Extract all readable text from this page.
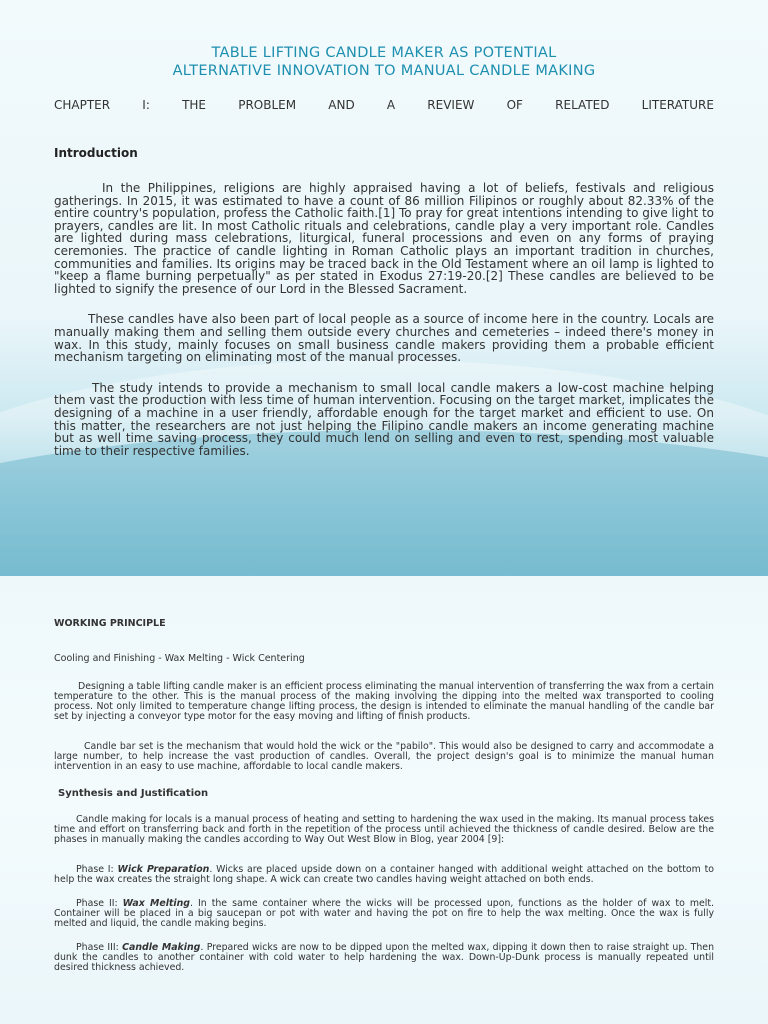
TABLE LIFTING CANDLE MAKER AS POTENTIAL
ALTERNATIVE INNOVATION TO MANUAL CANDLE MAKING
CHAPTER	I:	THE	PROBLEM	AND	A	REVIEW	OF	RELATED	LITERATURE
Introduction

In the Philippines, religions are highly appraised having a lot of beliefs, festivals and religious gatherings. In 2015, it was estimated to have a count of 86 million Filipinos or roughly about 82.33% of the entire country's population, profess the Catholic faith.[1] To pray for great intentions intending to give light to prayers, candles are lit. In most Catholic rituals and celebrations, candle play a very important role. Candles are lighted during mass celebrations, liturgical, funeral processions and even on any forms of praying ceremonies. The practice of candle lighting in Roman Catholic plays an important tradition in churches, communities and families. Its origins may be traced back in the Old Testament where an oil lamp is lighted to "keep a flame burning perpetually" as per stated in Exodus 27:19-20.[2] These candles are believed to be lighted to signify the presence of our Lord in the Blessed Sacrament.

These candles have also been part of local people as a source of income here in the country. Locals are manually making them and selling them outside every churches and cemeteries – indeed there's money in wax. In this study, mainly focuses on small business candle makers providing them a probable efficient mechanism targeting on eliminating most of the manual processes.

The study intends to provide a mechanism to small local candle makers a low-cost machine helping them vast the production with less time of human intervention. Focusing on the target market, implicates the designing of a machine in a user friendly, affordable enough for the target market and efficient to use. On this matter, the researchers are not just helping the Filipino candle makers an income generating machine but as well time saving process, they could much lend on selling and even to rest, spending most valuable time to their respective families.

WORKING PRINCIPLE
Cooling and Finishing - Wax Melting - Wick Centering

Designing a table lifting candle maker is an efficient process eliminating the manual intervention of transferring the wax from a certain temperature to the other. This is the manual process of the making involving the dipping into the melted wax transported to cooling process. Not only limited to temperature change lifting process, the design is intended to eliminate the manual handling of the candle bar set by injecting a conveyor type motor for the easy moving and lifting of finish products.

Candle bar set is the mechanism that would hold the wick or the "pabilo". This would also be designed to carry and accommodate a large number, to help increase the vast production of candles. Overall, the project design's goal is to minimize the manual human intervention in an easy to use machine, affordable to local candle makers.

Synthesis and Justification

Candle making for locals is a manual process of heating and setting to hardening the wax used in the making. Its manual process takes time and effort on transferring back and forth in the repetition of the process until achieved the thickness of candle desired. Below are the phases in manually making the candles according to Way Out West Blow in Blog, year 2004 [9]:

Phase I: Wick Preparation. Wicks are placed upside down on a container hanged with additional weight attached on the bottom to help the wax creates the straight long shape. A wick can create two candles having weight attached on both ends.

Phase II: Wax Melting. In the same container where the wicks will be processed upon, functions as the holder of wax to melt. Container will be placed in a big saucepan or pot with water and having the pot on fire to help the wax melting. Once the wax is fully melted and liquid, the candle making begins.

Phase III: Candle Making. Prepared wicks are now to be dipped upon the melted wax, dipping it down then to raise straight up. Then dunk the candles to another container with cold water to help hardening the wax. Down-Up-Dunk process is manually repeated until desired thickness achieved.
